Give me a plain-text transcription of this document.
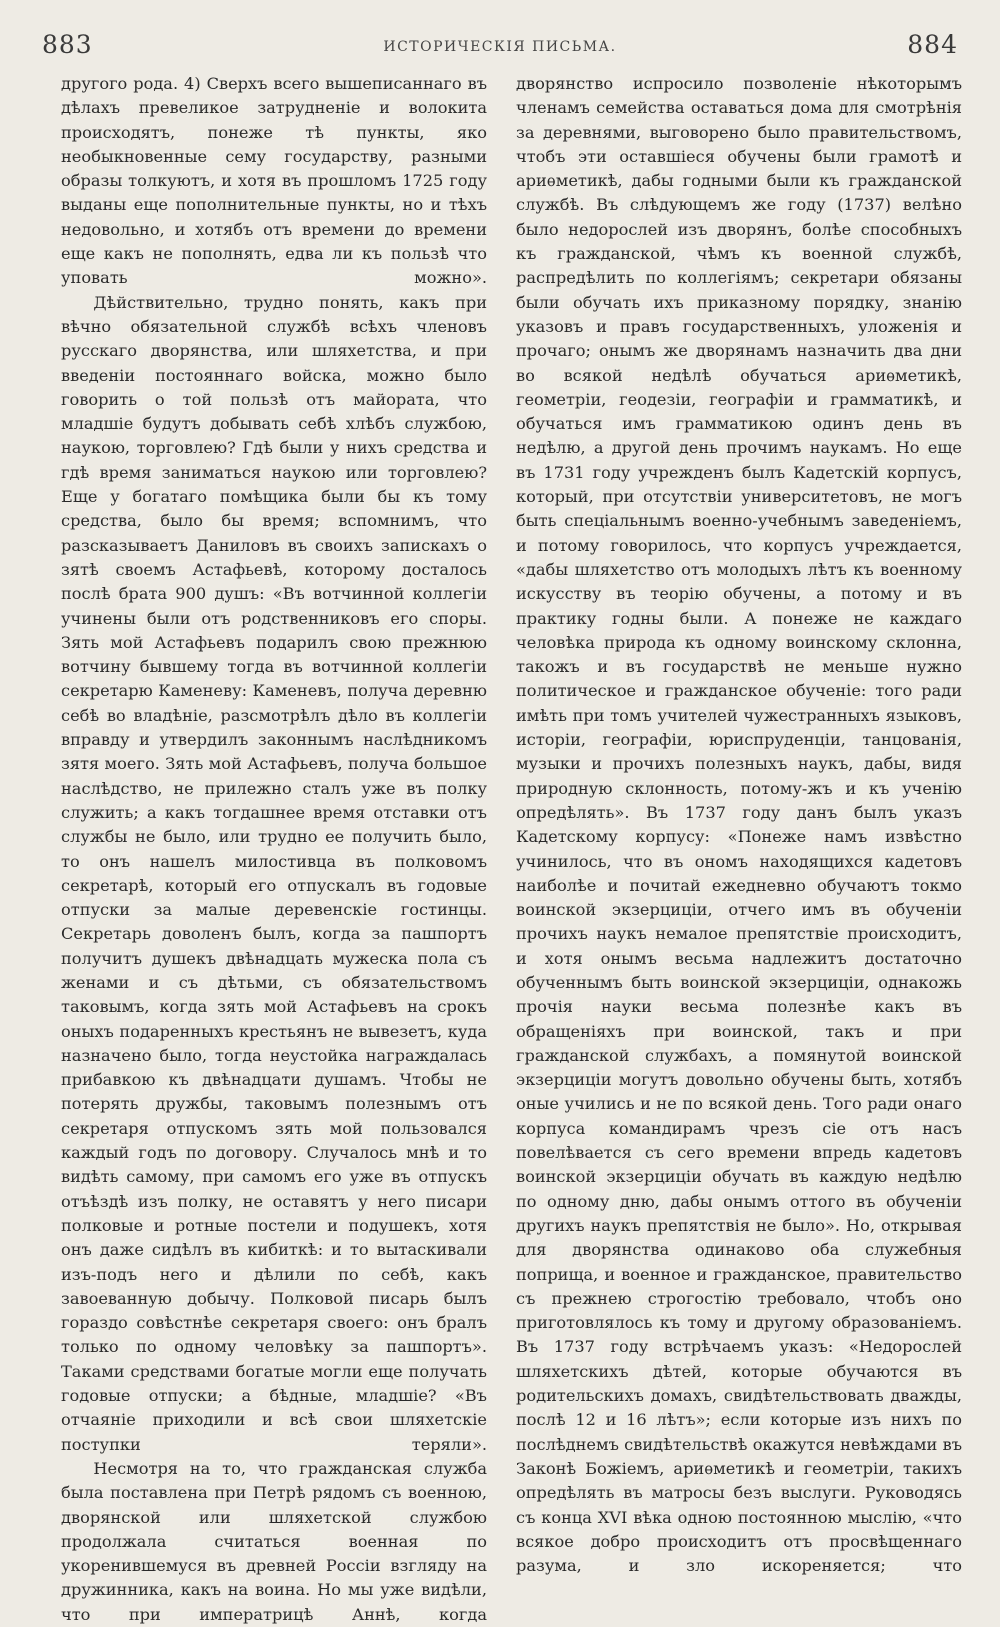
883	ИСТОРИЧЕСКІЯ ПИСЬМА.	884

другого рода. 4) Сверхъ всего вышеписаннаго въ дѣлахъ превеликое затрудненіе и волокита происходятъ, понеже тѣ пункты, яко необыкновенные сему государству, разными образы толкуютъ, и хотя въ прошломъ 1725 году выданы еще пополнительные пункты, но и тѣхъ недовольно, и хотябъ отъ времени до времени еще какъ не пополнять, едва ли къ пользѣ что уповать можно».

Дѣйствительно, трудно понять, какъ при вѣчно обязательной службѣ всѣхъ членовъ русскаго дворянства, или шляхетства, и при введеніи постояннаго войска, можно было говорить о той пользѣ отъ майората, что младшіе будутъ добывать себѣ хлѣбъ службою, наукою, торговлею? Гдѣ были у нихъ средства и гдѣ время заниматься наукою или торговлею? Еще у богатаго помѣщика были бы къ тому средства, было бы время; вспомнимъ, что разсказываетъ Даниловъ въ своихъ запискахъ о зятѣ своемъ Астафьевѣ, которому досталось послѣ брата 900 душъ: «Въ вотчинной коллегіи учинены были отъ родственниковъ его споры. Зять мой Астафьевъ подарилъ свою прежнюю вотчину бывшему тогда въ вотчинной коллегіи секретарю Каменеву: Каменевъ, получа деревню себѣ во владѣніе, разсмотрѣлъ дѣло въ коллегіи вправду и утвердилъ законнымъ наслѣдникомъ зятя моего. Зять мой Астафьевъ, получа большое наслѣдство, не прилежно сталъ уже въ полку служить; а какъ тогдашнее время отставки отъ службы не было, или трудно ее получить было, то онъ нашелъ милостивца въ полковомъ секретарѣ, который его отпускалъ въ годовые отпуски за малые деревенскіе гостинцы. Секретарь доволенъ былъ, когда за пашпортъ получитъ душекъ двѣнадцать мужеска пола съ женами и съ дѣтьми, съ обязательствомъ таковымъ, когда зять мой Астафьевъ на срокъ оныхъ подаренныхъ крестьянъ не вывезетъ, куда назначено было, тогда неустойка награждалась прибавкою къ двѣнадцати душамъ. Чтобы не потерять дружбы, таковымъ полезнымъ отъ секретаря отпускомъ зять мой пользовался каждый годъ по договору. Случалось мнѣ и то видѣть самому, при самомъ его уже въ отпускъ отъѣздѣ изъ полку, не оставятъ у него писари полковые и ротные постели и подушекъ, хотя онъ даже сидѣлъ въ кибиткѣ: и то вытаскивали изъ-подъ него и дѣлили по себѣ, какъ завоеванную добычу. Полковой писарь былъ гораздо совѣстнѣе секретаря своего: онъ бралъ только по одному человѣку за пашпортъ». Таками средствами богатые могли еще получать годовые отпуски; а бѣдные, младшіе? «Въ отчаяніе приходили и всѣ свои шляхетскіе поступки теряли».

Несмотря на то, что гражданская служба была поставлена при Петрѣ рядомъ съ военною, дворянской или шляхетской службою продолжала считаться военная по укоренившемуся въ древней Россіи взгляду на дружинника, какъ на воина. Но мы уже видѣли, что при императрицѣ Аннѣ, когда

дворянство испросило позволеніе нѣкоторымъ членамъ семейства оставаться дома для смотрѣнія за деревнями, выговорено было правительствомъ, чтобъ эти оставшіеся обучены были грамотѣ и ариѳметикѣ, дабы годными были къ гражданской службѣ. Въ слѣдующемъ же году (1737) велѣно было недорослей изъ дворянъ, болѣе способныхъ къ гражданской, чѣмъ къ военной службѣ, распредѣлить по коллегіямъ; секретари обязаны были обучать ихъ приказному порядку, знанію указовъ и правъ государственныхъ, уложенія и прочаго; онымъ же дворянамъ назначить два дни во всякой недѣлѣ обучаться ариѳметикѣ, геометріи, геодезіи, географіи и грамматикѣ, и обучаться имъ грамматикою одинъ день въ недѣлю, а другой день прочимъ наукамъ. Но еще въ 1731 году учрежденъ былъ Кадетскій корпусъ, который, при отсутствіи университетовъ, не могъ быть спеціальнымъ военно-учебнымъ заведеніемъ, и потому говорилось, что корпусъ учреждается, «дабы шляхетство отъ молодыхъ лѣтъ къ военному искусству въ теорію обучены, а потому и въ практику годны были. А понеже не каждаго человѣка природа къ одному воинскому склонна, такожъ и въ государствѣ не меньше нужно политическое и гражданское обученіе: того ради имѣть при томъ учителей чужестранныхъ языковъ, исторіи, географіи, юриспруденціи, танцованія, музыки и прочихъ полезныхъ наукъ, дабы, видя природную склонность, потому-жъ и къ ученію опредѣлять». Въ 1737 году данъ былъ указъ Кадетскому корпусу: «Понеже намъ извѣстно учинилось, что въ ономъ находящихся кадетовъ наиболѣе и почитай ежедневно обучаютъ токмо воинской экзерциціи, отчего имъ въ обученіи прочихъ наукъ немалое препятствіе происходитъ, и хотя онымъ весьма надлежитъ достаточно обученнымъ быть воинской экзерциціи, однакожь прочія науки весьма полезнѣе какъ въ обращеніяхъ при воинской, такъ и при гражданской службахъ, а помянутой воинской экзерциціи могутъ довольно обучены быть, хотябъ оные учились и не по всякой день. Того ради онаго корпуса командирамъ чрезъ сіе отъ насъ повелѣвается съ сего времени впредь кадетовъ воинской экзерциціи обучать въ каждую недѣлю по одному дню, дабы онымъ оттого въ обученіи другихъ наукъ препятствія не было». Но, открывая для дворянства одинаково оба служебныя поприща, и военное и гражданское, правительство съ прежнею строгостію требовало, чтобъ оно приготовлялось къ тому и другому образованіемъ. Въ 1737 году встрѣчаемъ указъ: «Недорослей шляхетскихъ дѣтей, которые обучаются въ родительскихъ домахъ, свидѣтельствовать дважды, послѣ 12 и 16 лѣтъ»; если которые изъ нихъ по послѣднемъ свидѣтельствѣ окажутся невѣждами въ Законѣ Божіемъ, ариѳметикѣ и геометріи, такихъ опредѣлять въ матросы безъ выслуги. Руководясь съ конца XVI вѣка одною постоянною мыслію, «что всякое добро происходитъ отъ просвѣщеннаго разума, и зло искореняется; что
